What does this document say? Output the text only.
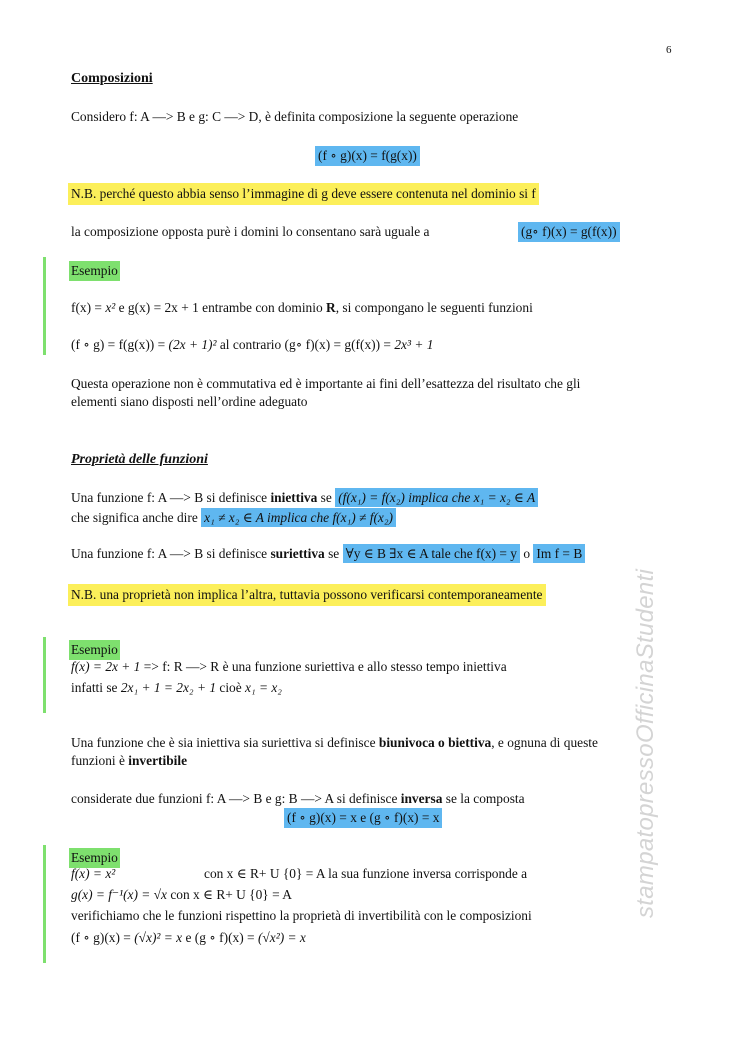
6
stampatopressoOfficinaStudenti
Composizioni
Considero f: A —> B e g: C —> D, è definita composizione la seguente operazione
(f ∘ g)(x) = f(g(x))
N.B. perché questo abbia senso l’immagine di g deve essere contenuta nel dominio si f
la composizione opposta purè i domini lo consentano sarà uguale a	(g∘ f)(x) = g(f(x))
Esempio
f(x) = x² e g(x) = 2x + 1 entrambe con dominio R, si compongano le seguenti funzioni
(f ∘ g) = f(g(x)) = (2x + 1)² al contrario (g∘ f)(x) = g(f(x)) = 2x³ + 1
Questa operazione non è commutativa ed è importante ai fini dell’esattezza del risultato che gli
elementi siano disposti nell’ordine adeguato
Proprietà delle funzioni
Una funzione f: A —> B si definisce iniettiva se (f(x₁) = f(x₂) implica che x₁ = x₂ ∈ A
che significa anche dire x₁ ≠ x₂ ∈ A implica che f(x₁) ≠ f(x₂)
Una funzione f: A —> B si definisce suriettiva se ∀y ∈ B ∃x ∈ A tale che f(x) = y o Im f = B
N.B. una proprietà non implica l’altra, tuttavia possono verificarsi contemporaneamente
Esempio
f(x) = 2x + 1 => f: R —> R è una funzione suriettiva e allo stesso tempo iniettiva
infatti se 2x₁ + 1 = 2x₂ + 1 cioè x₁ = x₂
Una funzione che è sia iniettiva sia suriettiva si definisce biunivoca o biettiva, e ognuna di queste
funzioni è invertibile
considerate due funzioni f: A —> B e g: B —> A si definisce inversa se la composta
(f ∘ g)(x) = x e (g ∘ f)(x) = x
Esempio
f(x) = x²	con x ∈ R+ U {0} = A la sua funzione inversa corrisponde a
g(x) = f⁻¹(x) = √x con x ∈ R+ U {0} = A
verifichiamo che le funzioni rispettino la proprietà di invertibilità con le composizioni
(f ∘ g)(x) = (√x)² = x e (g ∘ f)(x) = (√x²) = x
